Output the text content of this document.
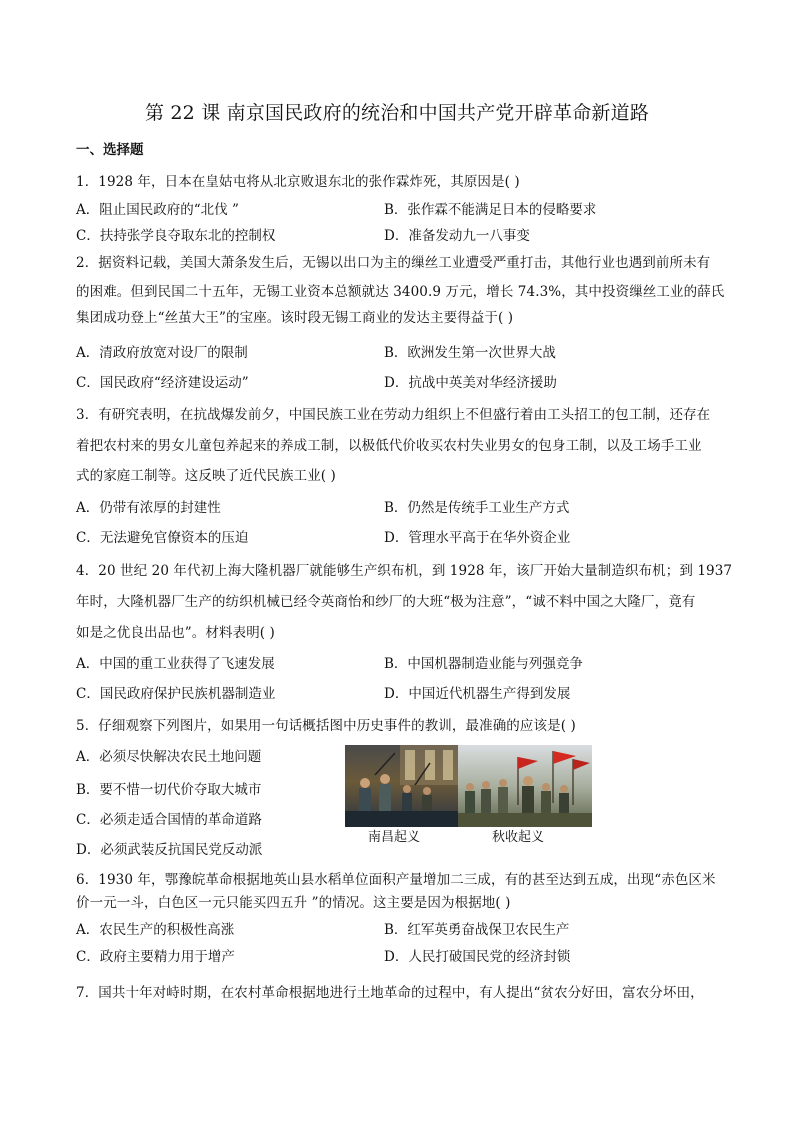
第 22 课 南京国民政府的统治和中国共产党开辟革命新道路
一、选择题
1．1928 年，日本在皇姑屯将从北京败退东北的张作霖炸死，其原因是( )
A．阻止国民政府的“北伐 ”	B．张作霖不能满足日本的侵略要求
C．扶持张学良夺取东北的控制权	D．准备发动九一八事变
2．据资料记载，美国大萧条发生后，无锡以出口为主的缫丝工业遭受严重打击，其他行业也遇到前所未有
的困难。但到民国二十五年，无锡工业资本总额就达 3400.9 万元，增长 74.3%，其中投资缫丝工业的薛氏
集团成功登上“丝茧大王”的宝座。该时段无锡工商业的发达主要得益于( )
A．清政府放宽对设厂的限制	B．欧洲发生第一次世界大战
C．国民政府“经济建设运动”	D．抗战中英美对华经济援助
3．有研究表明，在抗战爆发前夕，中国民族工业在劳动力组织上不但盛行着由工头招工的包工制，还存在
着把农村来的男女儿童包养起来的养成工制，以极低代价收买农村失业男女的包身工制，以及工场手工业
式的家庭工制等。这反映了近代民族工业( )
A．仍带有浓厚的封建性	B．仍然是传统手工业生产方式
C．无法避免官僚资本的压迫	D．管理水平高于在华外资企业
4．20 世纪 20 年代初上海大隆机器厂就能够生产织布机，到 1928 年，该厂开始大量制造织布机；到 1937
年时，大隆机器厂生产的纺织机械已经令英商怡和纱厂的大班“极为注意”，“诚不料中国之大隆厂，竟有
如是之优良出品也”。材料表明( )
A．中国的重工业获得了飞速发展	B．中国机器制造业能与列强竞争
C．国民政府保护民族机器制造业	D．中国近代机器生产得到发展
5．仔细观察下列图片，如果用一句话概括图中历史事件的教训，最准确的应该是( )
A．必须尽快解决农民土地问题
B．要不惜一切代价夺取大城市
C．必须走适合国情的革命道路
D．必须武装反抗国民党反动派
南昌起义	秋收起义
6．1930 年，鄂豫皖革命根据地英山县水稻单位面积产量增加二三成，有的甚至达到五成，出现“赤色区米
价一元一斗，白色区一元只能买四五升 ”的情况。这主要是因为根据地( )
A．农民生产的积极性高涨	B．红军英勇奋战保卫农民生产
C．政府主要精力用于增产	D．人民打破国民党的经济封锁
7．国共十年对峙时期，在农村革命根据地进行土地革命的过程中，有人提出“贫农分好田，富农分坏田，
